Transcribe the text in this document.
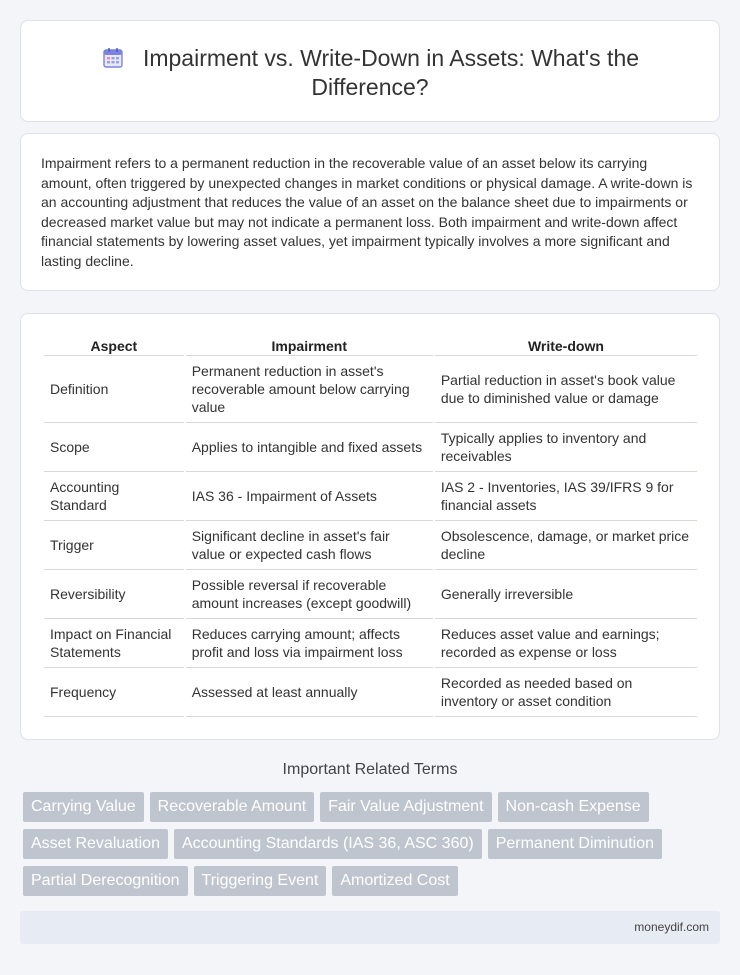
Impairment vs. Write-Down in Assets: What's the Difference?

Impairment refers to a permanent reduction in the recoverable value of an asset below its carrying amount, often triggered by unexpected changes in market conditions or physical damage. A write-down is an accounting adjustment that reduces the value of an asset on the balance sheet due to impairments or decreased market value but may not indicate a permanent loss. Both impairment and write-down affect financial statements by lowering asset values, yet impairment typically involves a more significant and lasting decline.

Aspect	Impairment	Write-down
Definition	Permanent reduction in asset's recoverable amount below carrying value	Partial reduction in asset's book value due to diminished value or damage
Scope	Applies to intangible and fixed assets	Typically applies to inventory and receivables
Accounting Standard	IAS 36 - Impairment of Assets	IAS 2 - Inventories, IAS 39/IFRS 9 for financial assets
Trigger	Significant decline in asset's fair value or expected cash flows	Obsolescence, damage, or market price decline
Reversibility	Possible reversal if recoverable amount increases (except goodwill)	Generally irreversible
Impact on Financial Statements	Reduces carrying amount; affects profit and loss via impairment loss	Reduces asset value and earnings; recorded as expense or loss
Frequency	Assessed at least annually	Recorded as needed based on inventory or asset condition
Important Related Terms
Carrying Value	Recoverable Amount	Fair Value Adjustment	Non-cash Expense
Asset Revaluation	Accounting Standards (IAS 36, ASC 360)	Permanent Diminution
Partial Derecognition	Triggering Event	Amortized Cost
moneydif.com
